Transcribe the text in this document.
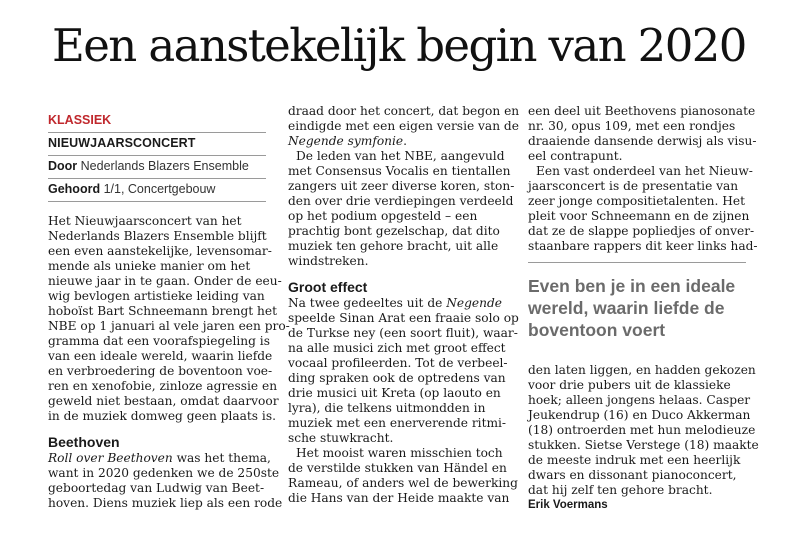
Een aanstekelijk begin van 2020
KLASSIEK
NIEUWJAARSCONCERT
Door Nederlands Blazers Ensemble
Gehoord 1/1, Concertgebouw
Het Nieuwjaarsconcert van het
Nederlands Blazers Ensemble blijft
een even aanstekelijke, levensomar-
mende als unieke manier om het
nieuwe jaar in te gaan. Onder de eeu-
wig bevlogen artistieke leiding van
hoboïst Bart Schneemann brengt het
NBE op 1 januari al vele jaren een pro-
gramma dat een voorafspiegeling is
van een ideale wereld, waarin liefde
en verbroedering de boventoon voe-
ren en xenofobie, zinloze agressie en
geweld niet bestaan, omdat daarvoor
in de muziek domweg geen plaats is.
Beethoven
Roll over Beethoven was het thema,
want in 2020 gedenken we de 250ste
geboortedag van Ludwig van Beet-
hoven. Diens muziek liep als een rode
draad door het concert, dat begon en
eindigde met een eigen versie van de
Negende symfonie.
De leden van het NBE, aangevuld
met Consensus Vocalis en tientallen
zangers uit zeer diverse koren, ston-
den over drie verdiepingen verdeeld
op het podium opgesteld – een
prachtig bont gezelschap, dat dito
muziek ten gehore bracht, uit alle
windstreken.
Groot effect
Na twee gedeeltes uit de Negende
speelde Sinan Arat een fraaie solo op
de Turkse ney (een soort fluit), waar-
na alle musici zich met groot effect
vocaal profileerden. Tot de verbeel-
ding spraken ook de optredens van
drie musici uit Kreta (op laouto en
lyra), die telkens uitmondden in
muziek met een enerverende ritmi-
sche stuwkracht.
Het mooist waren misschien toch
de verstilde stukken van Händel en
Rameau, of anders wel de bewerking
die Hans van der Heide maakte van
een deel uit Beethovens pianosonate
nr. 30, opus 109, met een rondjes
draaiende dansende derwisj als visu-
eel contrapunt.
Een vast onderdeel van het Nieuw-
jaarsconcert is de presentatie van
zeer jonge compositietalenten. Het
pleit voor Schneemann en de zijnen
dat ze de slappe popliedjes of onver-
staanbare rappers dit keer links had-
Even ben je in een ideale
wereld, waarin liefde de
boventoon voert
den laten liggen, en hadden gekozen
voor drie pubers uit de klassieke
hoek; alleen jongens helaas. Casper
Jeukendrup (16) en Duco Akkerman
(18) ontroerden met hun melodieuze
stukken. Sietse Verstege (18) maakte
de meeste indruk met een heerlijk
dwars en dissonant pianoconcert,
dat hij zelf ten gehore bracht.
Erik Voermans
